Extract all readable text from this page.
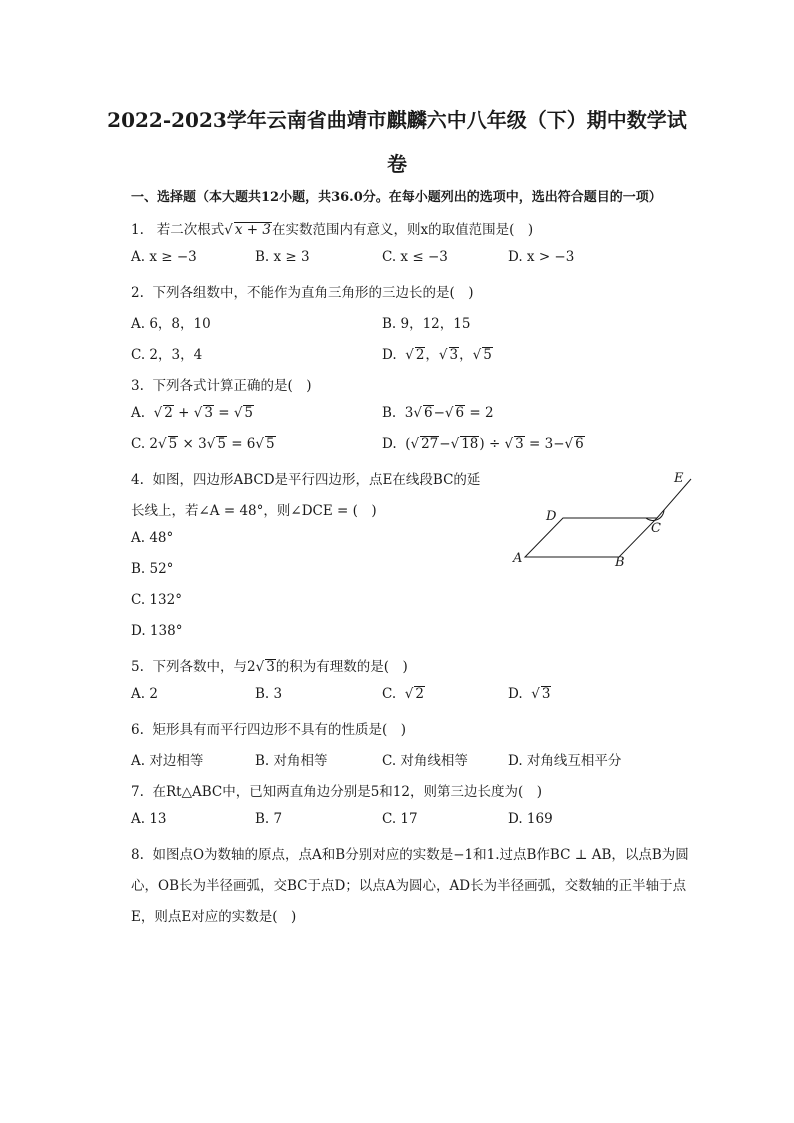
2022-2023学年云南省曲靖市麒麟六中八年级（下）期中数学试
卷
一、选择题（本大题共12小题，共36.0分。在每小题列出的选项中，选出符合题目的一项）
1. 若二次根式√ x + 3在实数范围内有意义，则x的取值范围是(　)
A. x ≥ −3	B. x ≥ 3	C. x ≤ −3	D. x > −3
2. 下列各组数中，不能作为直角三角形的三边长的是(　)
A. 6，8，10	B. 9，12，15
C. 2，3，4	D.  √ 2，√ 3，√ 5
3. 下列各式计算正确的是(　)
A.  √ 2 + √ 3 = √ 5	B.  3√ 6−√ 6 = 2
C. 2√ 5 × 3√ 5 = 6√ 5	D.  (√ 27−√ 18) ÷ √ 3 = 3−√ 6
4. 如图，四边形ABCD是平行四边形，点E在线段BC的延
长线上，若∠A = 48°，则∠DCE = (　)
A. 48°
B. 52°
C. 132°
D. 138°
A	B
C
D
E
5. 下列各数中，与2√ 3的积为有理数的是(　)
A. 2	B. 3	C.  √ 2	D.  √ 3
6. 矩形具有而平行四边形不具有的性质是(　)
A. 对边相等	B. 对角相等	C. 对角线相等	D. 对角线互相平分
7. 在Rt△ABC中，已知两直角边分别是5和12，则第三边长度为(　)
A. 13	B. 7	C. 17	D. 169
8. 如图点O为数轴的原点，点A和B分别对应的实数是−1和1.过点B作BC ⊥ AB，以点B为圆
心，OB长为半径画弧，交BC于点D；以点A为圆心，AD长为半径画弧，交数轴的正半轴于点
E，则点E对应的实数是(　)
